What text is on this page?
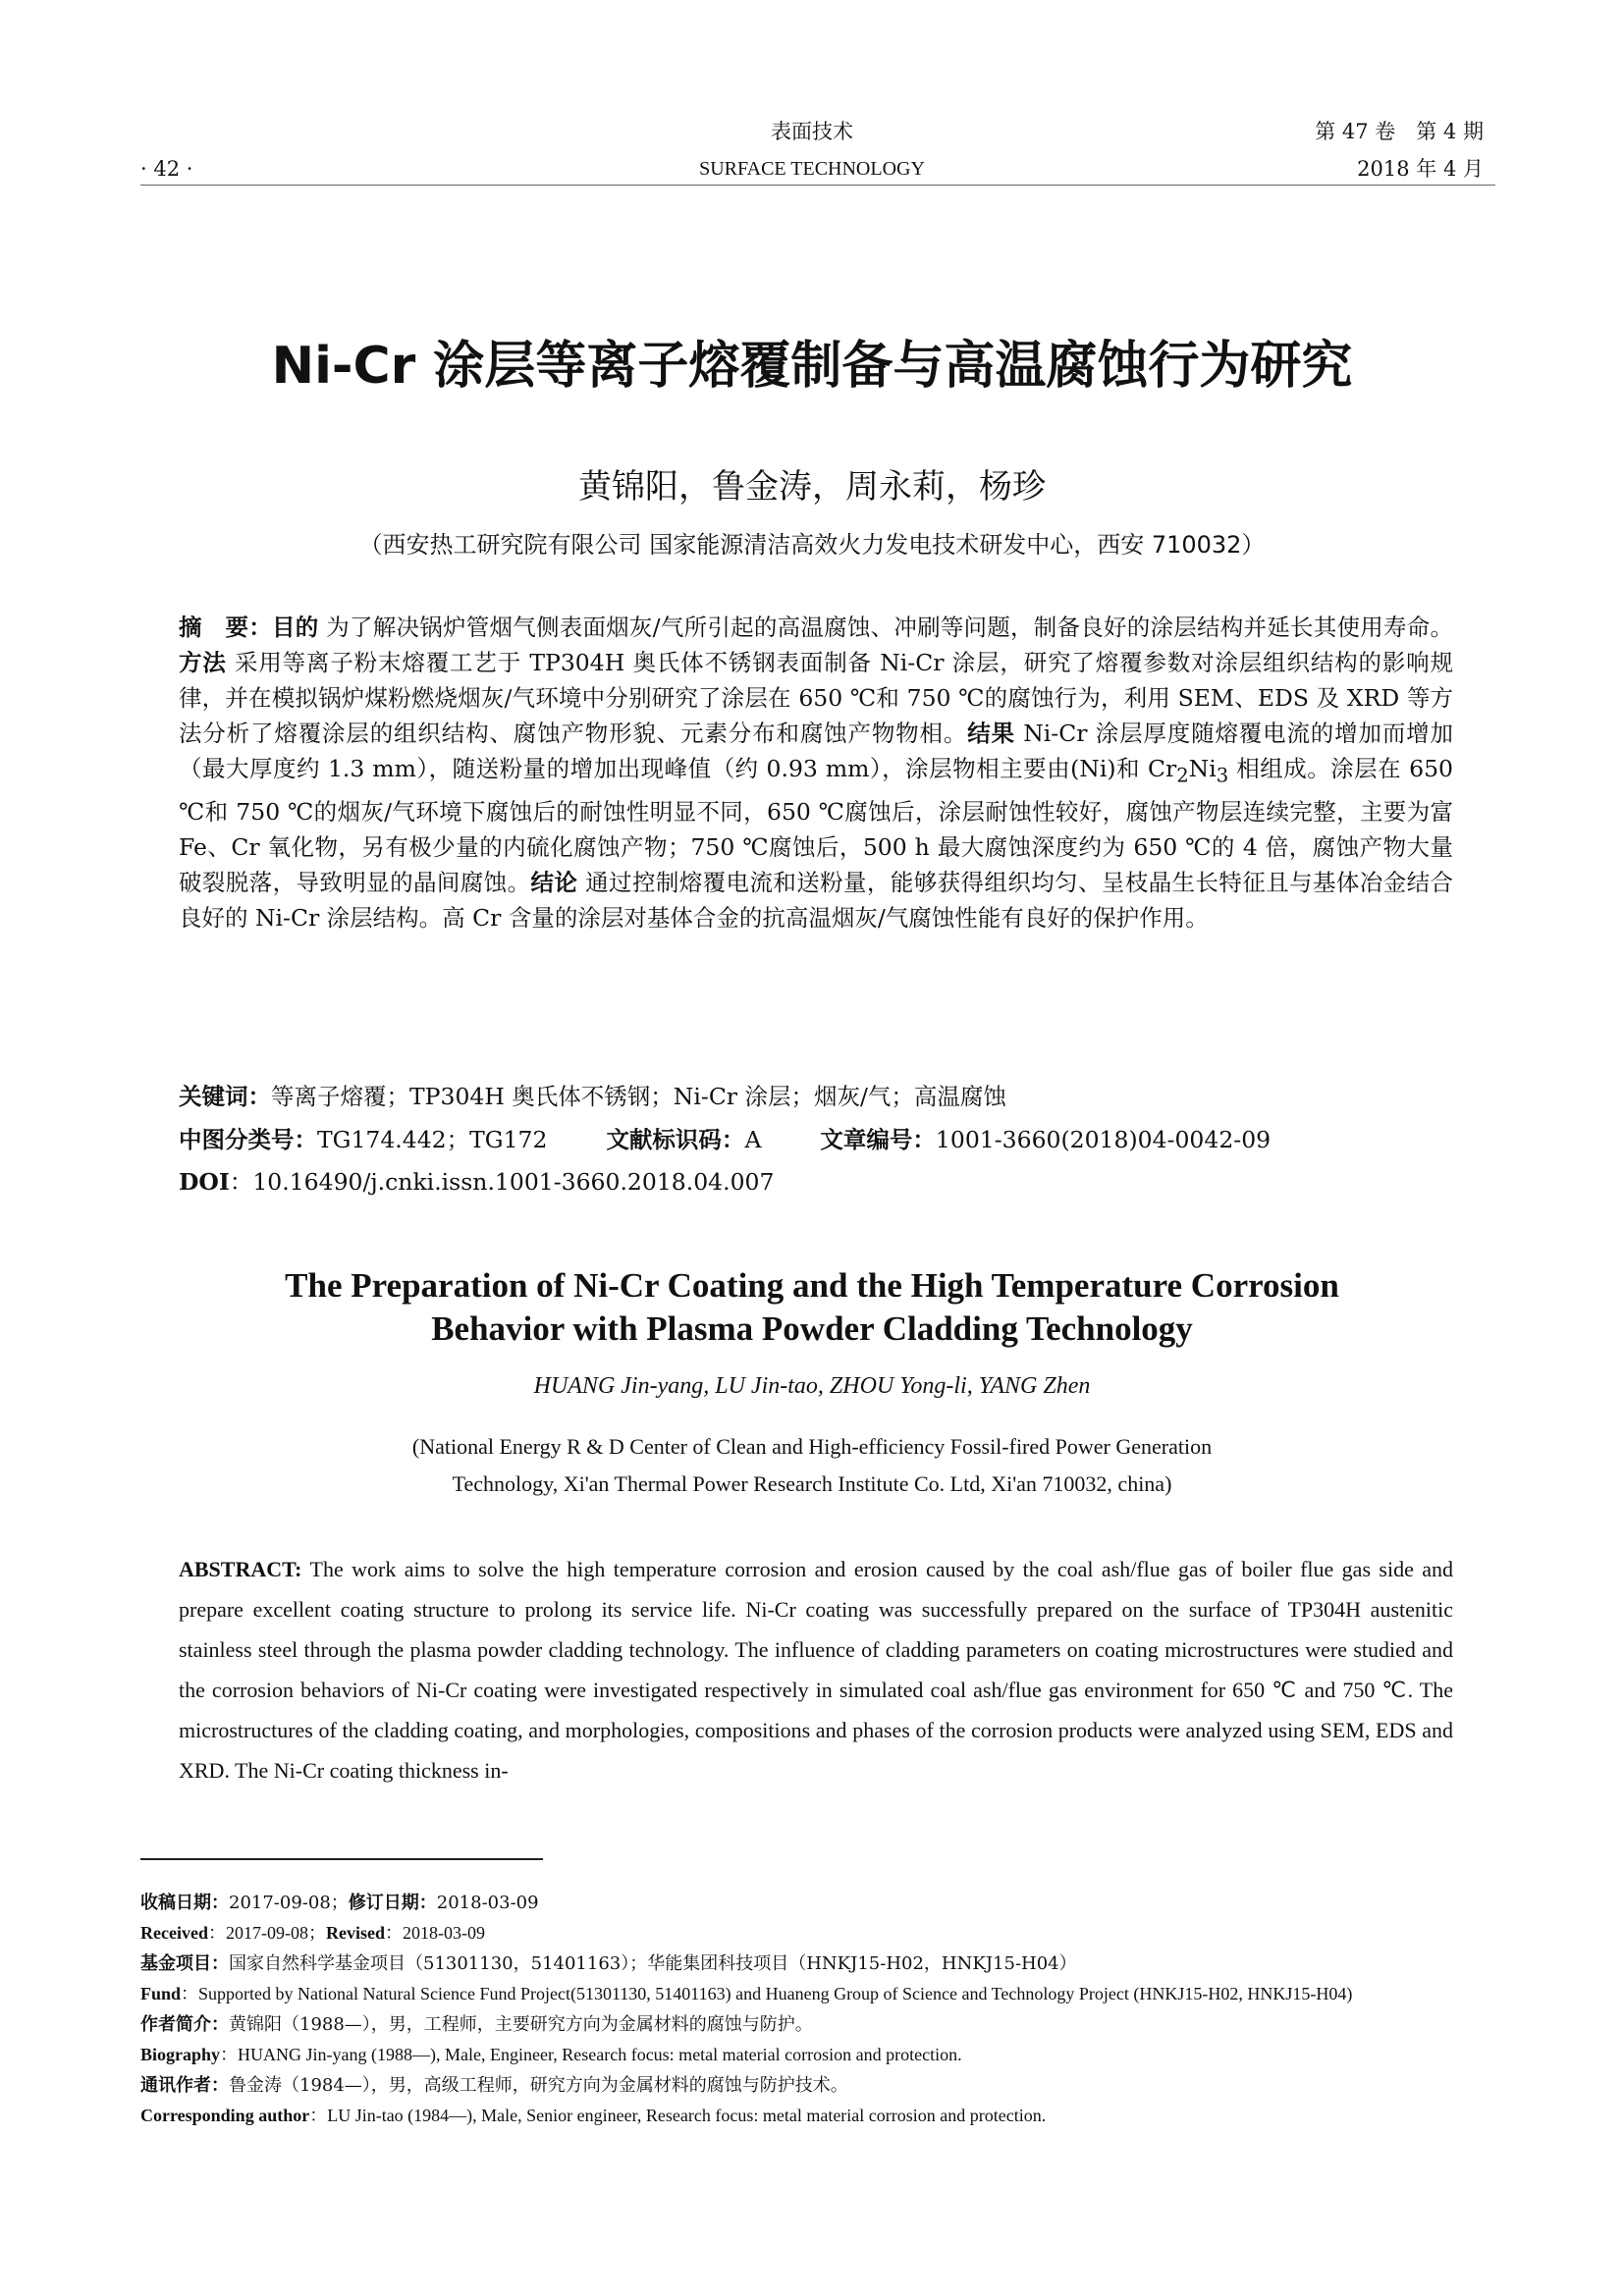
· 42 ·
表面技术
SURFACE TECHNOLOGY
第 47 卷　第 4 期
2018 年 4 月
Ni-Cr 涂层等离子熔覆制备与高温腐蚀行为研究
黄锦阳，鲁金涛，周永莉，杨珍
（西安热工研究院有限公司 国家能源清洁高效火力发电技术研发中心，西安 710032）
摘　要：目的 为了解决锅炉管烟气侧表面烟灰/气所引起的高温腐蚀、冲刷等问题，制备良好的涂层结构并延长其使用寿命。方法 采用等离子粉末熔覆工艺于 TP304H 奥氏体不锈钢表面制备 Ni-Cr 涂层，研究了熔覆参数对涂层组织结构的影响规律，并在模拟锅炉煤粉燃烧烟灰/气环境中分别研究了涂层在 650 ℃和 750 ℃的腐蚀行为，利用 SEM、EDS 及 XRD 等方法分析了熔覆涂层的组织结构、腐蚀产物形貌、元素分布和腐蚀产物物相。结果 Ni-Cr 涂层厚度随熔覆电流的增加而增加（最大厚度约 1.3 mm），随送粉量的增加出现峰值（约 0.93 mm），涂层物相主要由(Ni)和 $Cr_2Ni_3$ 相组成。涂层在 650 ℃和 750 ℃的烟灰/气环境下腐蚀后的耐蚀性明显不同，650 ℃腐蚀后，涂层耐蚀性较好，腐蚀产物层连续完整，主要为富 Fe、Cr 氧化物，另有极少量的内硫化腐蚀产物；750 ℃腐蚀后，500 h 最大腐蚀深度约为 650 ℃的 4 倍，腐蚀产物大量破裂脱落，导致明显的晶间腐蚀。结论 通过控制熔覆电流和送粉量，能够获得组织均匀、呈枝晶生长特征且与基体冶金结合良好的 Ni-Cr 涂层结构。高 Cr 含量的涂层对基体合金的抗高温烟灰/气腐蚀性能有良好的保护作用。
关键词：等离子熔覆；TP304H 奥氏体不锈钢；Ni-Cr 涂层；烟灰/气；高温腐蚀
中图分类号：TG174.442；TG172	文献标识码：A	文章编号：1001-3660(2018)04-0042-09
DOI：10.16490/j.cnki.issn.1001-3660.2018.04.007
The Preparation of Ni-Cr Coating and the High Temperature Corrosion
Behavior with Plasma Powder Cladding Technology
HUANG Jin-yang, LU Jin-tao, ZHOU Yong-li, YANG Zhen
(National Energy R & D Center of Clean and High-efficiency Fossil-fired Power Generation
Technology, Xi'an Thermal Power Research Institute Co. Ltd, Xi'an 710032, china)
ABSTRACT: The work aims to solve the high temperature corrosion and erosion caused by the coal ash/flue gas of boiler flue gas side and prepare excellent coating structure to prolong its service life. Ni-Cr coating was successfully prepared on the surface of TP304H austenitic stainless steel through the plasma powder cladding technology. The influence of cladding parameters on coating microstructures were studied and the corrosion behaviors of Ni-Cr coating were investigated respectively in simulated coal ash/flue gas environment for 650 ℃ and 750 ℃. The microstructures of the cladding coating, and morphologies, compositions and phases of the corrosion products were analyzed using SEM, EDS and XRD. The Ni-Cr coating thickness in-
收稿日期：2017-09-08；修订日期：2018-03-09
Received：2017-09-08；Revised：2018-03-09
基金项目：国家自然科学基金项目（51301130，51401163）；华能集团科技项目（HNKJ15-H02，HNKJ15-H04）
Fund：Supported by National Natural Science Fund Project(51301130, 51401163) and Huaneng Group of Science and Technology Project (HNKJ15-H02, HNKJ15-H04)
作者简介：黄锦阳（1988—），男，工程师，主要研究方向为金属材料的腐蚀与防护。
Biography：HUANG Jin-yang (1988—), Male, Engineer, Research focus: metal material corrosion and protection.
通讯作者：鲁金涛（1984—），男，高级工程师，研究方向为金属材料的腐蚀与防护技术。
Corresponding author：LU Jin-tao (1984—), Male, Senior engineer, Research focus: metal material corrosion and protection.
